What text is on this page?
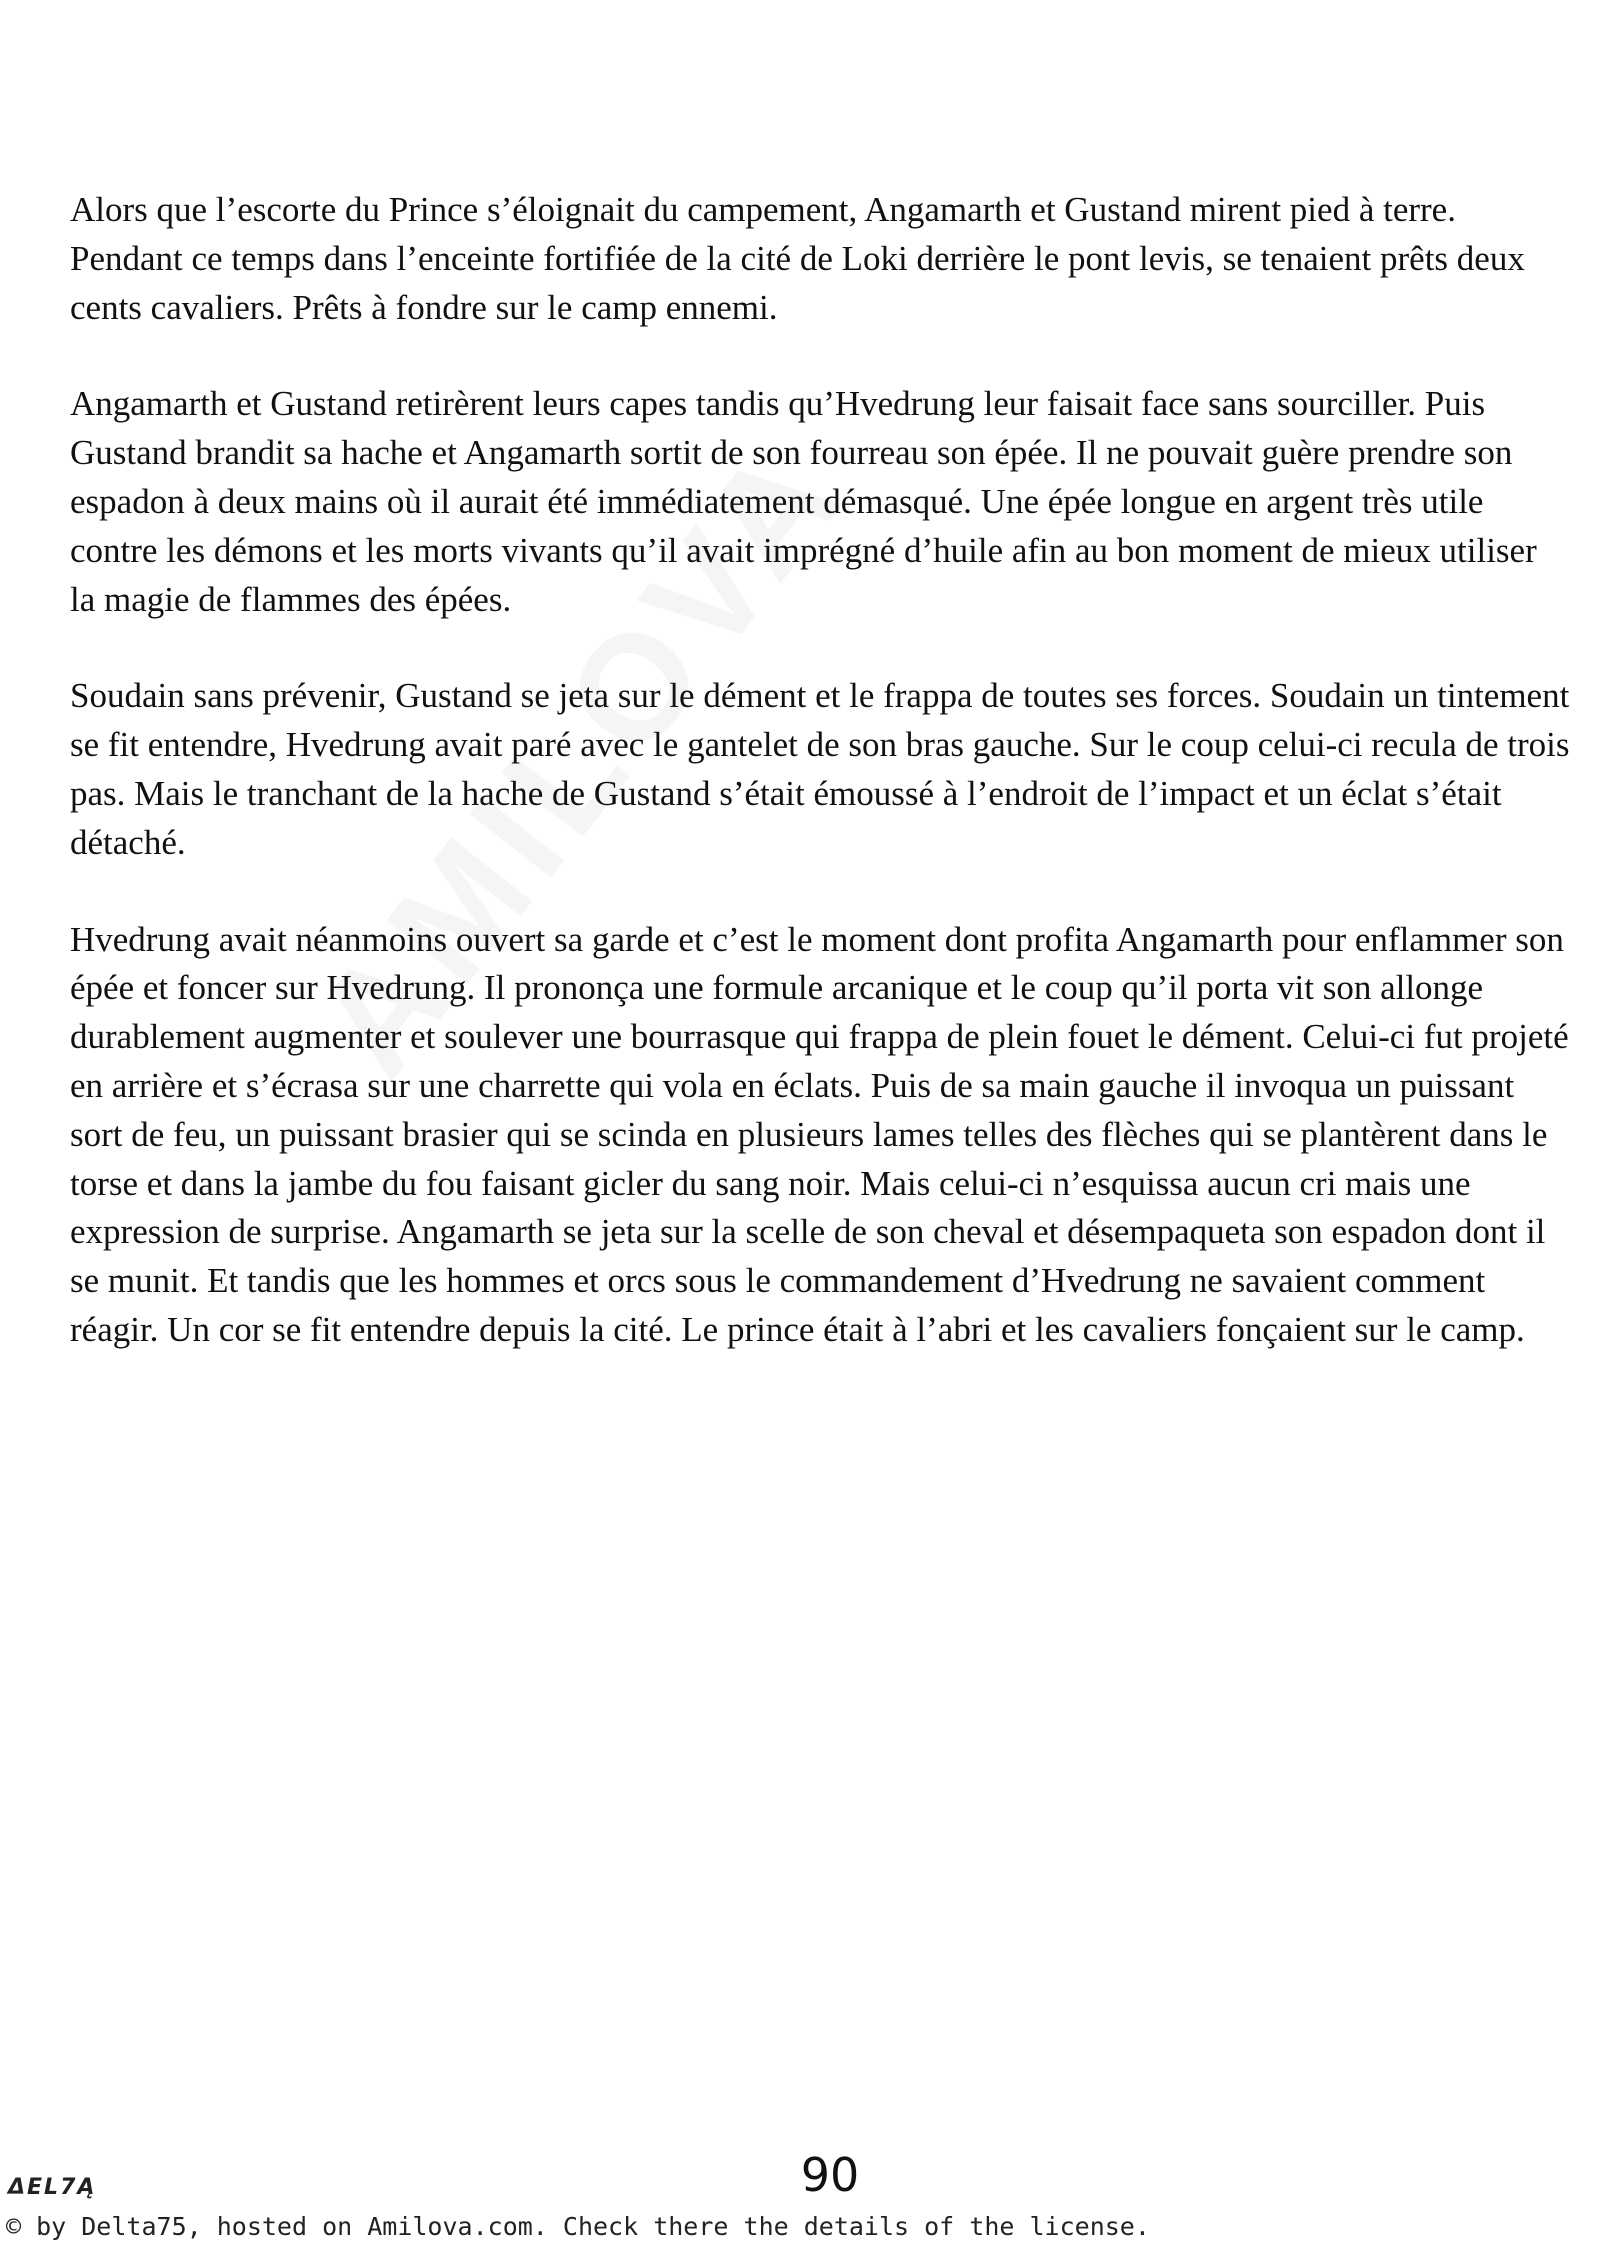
Alors que l’escorte du Prince s’éloignait du campement, Angamarth et Gustand mirent pied à terre. Pendant ce temps dans l’enceinte fortifiée de la cité de Loki derrière le pont levis, se tenaient prêts deux cents cavaliers. Prêts à fondre sur le camp ennemi.

Angamarth et Gustand retirèrent leurs capes tandis qu’Hvedrung leur faisait face sans sourciller. Puis Gustand brandit sa hache et Angamarth sortit de son fourreau son épée. Il ne pouvait guère prendre son espadon à deux mains où il aurait été immédiatement démasqué. Une épée longue en argent très utile contre les démons et les morts vivants qu’il avait imprégné d’huile afin au bon moment de mieux utiliser la magie de flammes des épées.

Soudain sans prévenir, Gustand se jeta sur le dément et le frappa de toutes ses forces. Soudain un tintement se fit entendre, Hvedrung avait paré avec le gantelet de son bras gauche. Sur le coup celui-ci recula de trois pas. Mais le tranchant de la hache de Gustand s’était émoussé à l’endroit de l’impact et un éclat s’était détaché.

Hvedrung avait néanmoins ouvert sa garde et c’est le moment dont profita Angamarth pour enflammer son épée et foncer sur Hvedrung. Il prononça une formule arcanique et le coup qu’il porta vit son allonge durablement augmenter et soulever une bourrasque qui frappa de plein fouet le dément. Celui-ci fut projeté en arrière et s’écrasa sur une charrette qui vola en éclats. Puis de sa main gauche il invoqua un puissant sort de feu, un puissant brasier qui se scinda en plusieurs lames telles des flèches qui se plantèrent dans le torse et dans la jambe du fou faisant gicler du sang noir. Mais celui-ci n’esquissa aucun cri mais une expression de surprise. Angamarth se jeta sur la scelle de son cheval et désempaqueta son espadon dont il se munit. Et tandis que les hommes et orcs sous le commandement d’Hvedrung ne savaient comment réagir. Un cor se fit entendre depuis la cité. Le prince était à l’abri et les cavaliers fonçaient sur le camp.

ΔEL7Ą	90
© by Delta75, hosted on Amilova.com. Check there the details of the license.
